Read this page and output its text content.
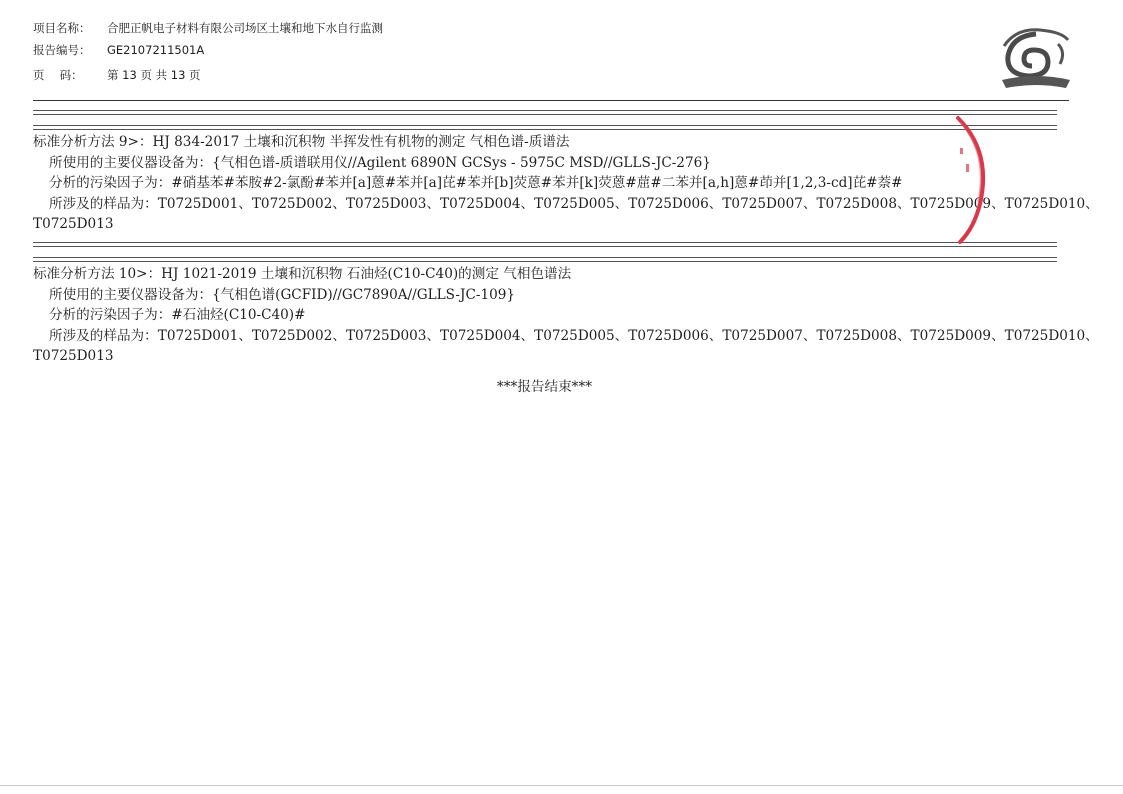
项目名称： 合肥正帆电子材料有限公司场区土壤和地下水自行监测
报告编号： GE2107211501A
页　 码： 第 13 页 共 13 页
标准分析方法 9>：HJ 834-2017 土壤和沉积物 半挥发性有机物的测定 气相色谱-质谱法
所使用的主要仪器设备为：{气相色谱-质谱联用仪//Agilent 6890N GCSys - 5975C MSD//GLLS-JC-276}
分析的污染因子为：#硝基苯#苯胺#2-氯酚#苯并[a]蒽#苯并[a]芘#苯并[b]荧蒽#苯并[k]荧蒽#䓛#二苯并[a,h]蒽#茚并[1,2,3-cd]芘#萘#
所涉及的样品为：T0725D001、T0725D002、T0725D003、T0725D004、T0725D005、T0725D006、T0725D007、T0725D008、T0725D009、T0725D010、
T0725D013
标准分析方法 10>：HJ 1021-2019 土壤和沉积物 石油烃(C10-C40)的测定 气相色谱法
所使用的主要仪器设备为：{气相色谱(GCFID)//GC7890A//GLLS-JC-109}
分析的污染因子为：#石油烃(C10-C40)#
所涉及的样品为：T0725D001、T0725D002、T0725D003、T0725D004、T0725D005、T0725D006、T0725D007、T0725D008、T0725D009、T0725D010、
T0725D013
***报告结束***
